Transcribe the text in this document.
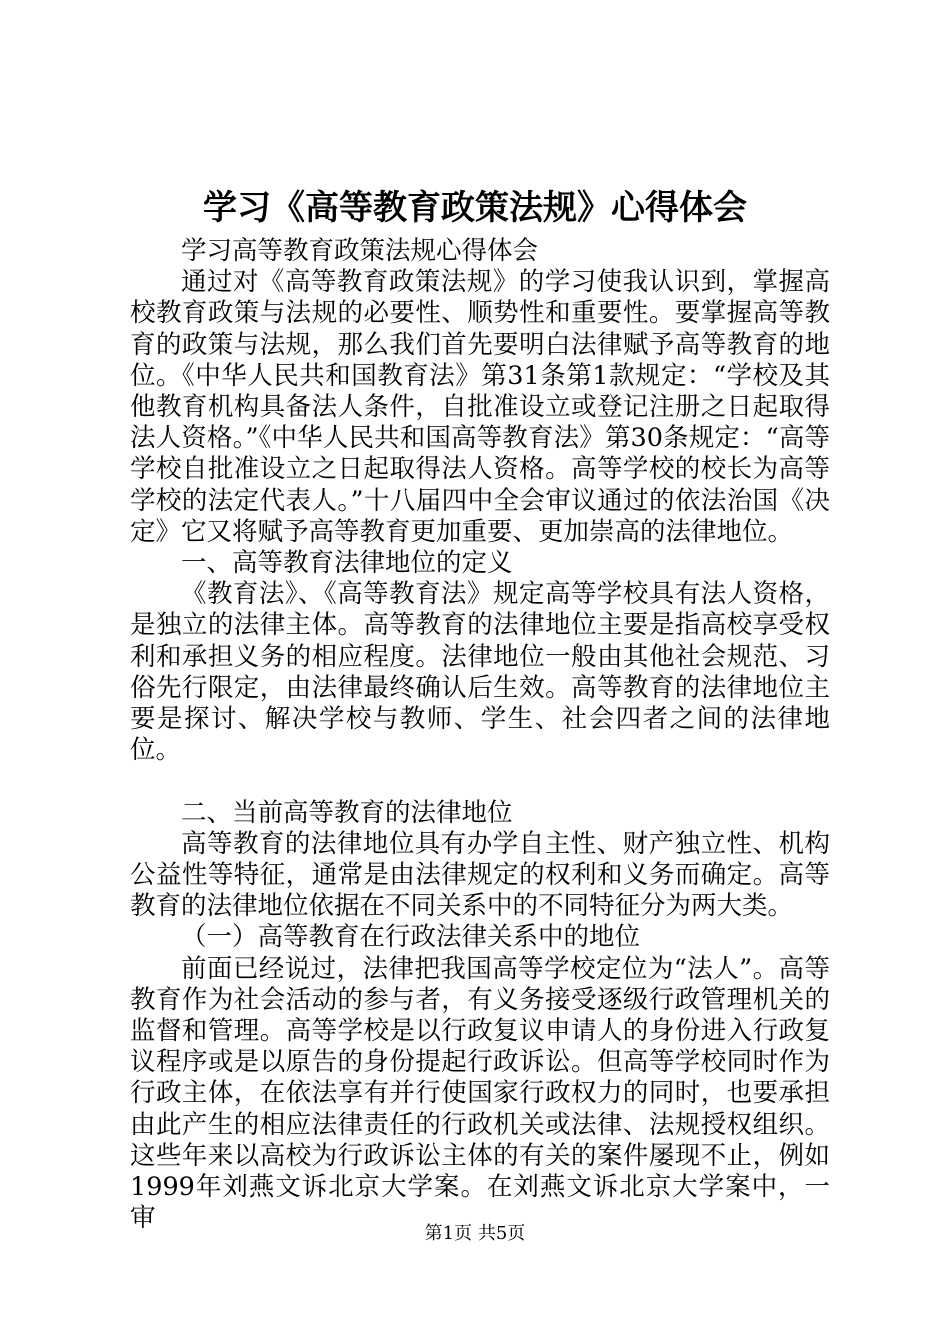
学习《高等教育政策法规》心得体会

学习高等教育政策法规心得体会

通过对《高等教育政策法规》的学习使我认识到，掌握高校教育政策与法规的必要性、顺势性和重要性。要掌握高等教育的政策与法规，那么我们首先要明白法律赋予高等教育的地位。《中华人民共和国教育法》第31条第1款规定：“学校及其他教育机构具备法人条件，自批准设立或登记注册之日起取得法人资格。”《中华人民共和国高等教育法》第30条规定：“高等学校自批准设立之日起取得法人资格。高等学校的校长为高等学校的法定代表人。”十八届四中全会审议通过的依法治国《决定》它又将赋予高等教育更加重要、更加崇高的法律地位。

一、高等教育法律地位的定义

《教育法》、《高等教育法》规定高等学校具有法人资格，是独立的法律主体。高等教育的法律地位主要是指高校享受权利和承担义务的相应程度。法律地位一般由其他社会规范、习俗先行限定，由法律最终确认后生效。高等教育的法律地位主要是探讨、解决学校与教师、学生、社会四者之间的法律地位。

二、当前高等教育的法律地位

高等教育的法律地位具有办学自主性、财产独立性、机构公益性等特征，通常是由法律规定的权利和义务而确定。高等教育的法律地位依据在不同关系中的不同特征分为两大类。

（一）高等教育在行政法律关系中的地位

前面已经说过，法律把我国高等学校定位为“法人”。高等教育作为社会活动的参与者，有义务接受逐级行政管理机关的监督和管理。高等学校是以行政复议申请人的身份进入行政复议程序或是以原告的身份提起行政诉讼。但高等学校同时作为行政主体，在依法享有并行使国家行政权力的同时，也要承担由此产生的相应法律责任的行政机关或法律、法规授权组织。这些年来以高校为行政诉讼主体的有关的案件屡现不止，例如1999年刘燕文诉北京大学案。在刘燕文诉北京大学案中，一审

第1页 共5页
